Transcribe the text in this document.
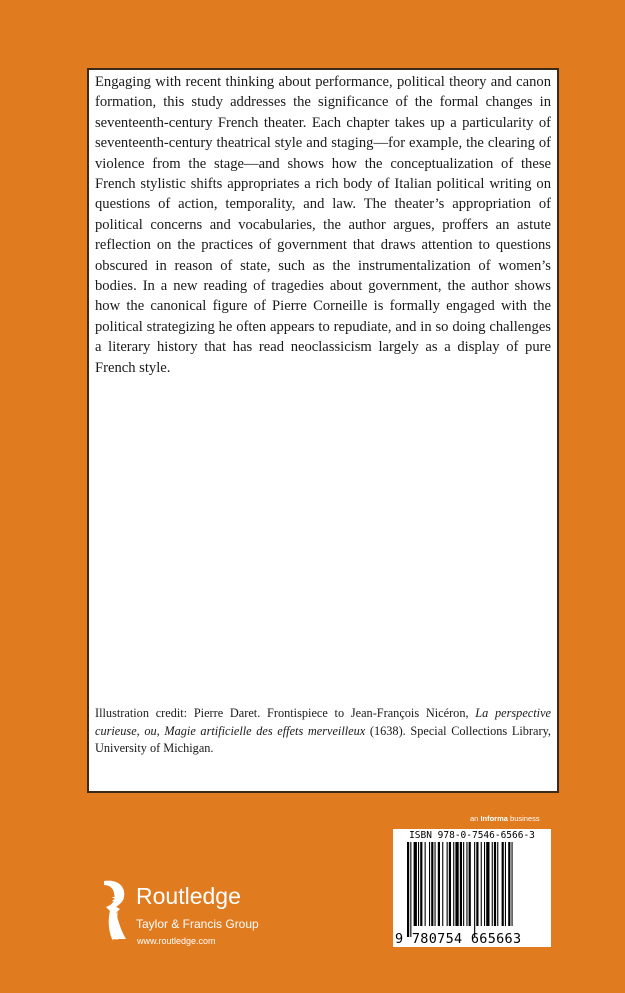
Engaging with recent thinking about performance, political theory and canon formation, this study addresses the significance of the formal changes in seventeenth-century French theater. Each chapter takes up a particularity of seventeenth-century theatrical style and staging—for example, the clearing of violence from the stage—and shows how the conceptualization of these French stylistic shifts appropriates a rich body of Italian political writing on questions of action, temporality, and law. The theater’s appropriation of political concerns and vocabularies, the author argues, proffers an astute reflection on the practices of government that draws attention to questions obscured in reason of state, such as the instrumentalization of women’s bodies. In a new reading of tragedies about government, the author shows how the canonical figure of Pierre Corneille is formally engaged with the political strategizing he often appears to repudiate, and in so doing challenges a literary history that has read neoclassicism largely as a display of pure French style.

Illustration credit: Pierre Daret. Frontispiece to Jean-François Nicéron, La perspective curieuse, ou, Magie artificielle des effets merveilleux (1638). Special Collections Library, University of Michigan.

an Informa business
ISBN 978-0-7546-6566-3
9 780754 665663
ROUTLEDGE
Routledge
Taylor & Francis Group
www.routledge.com
